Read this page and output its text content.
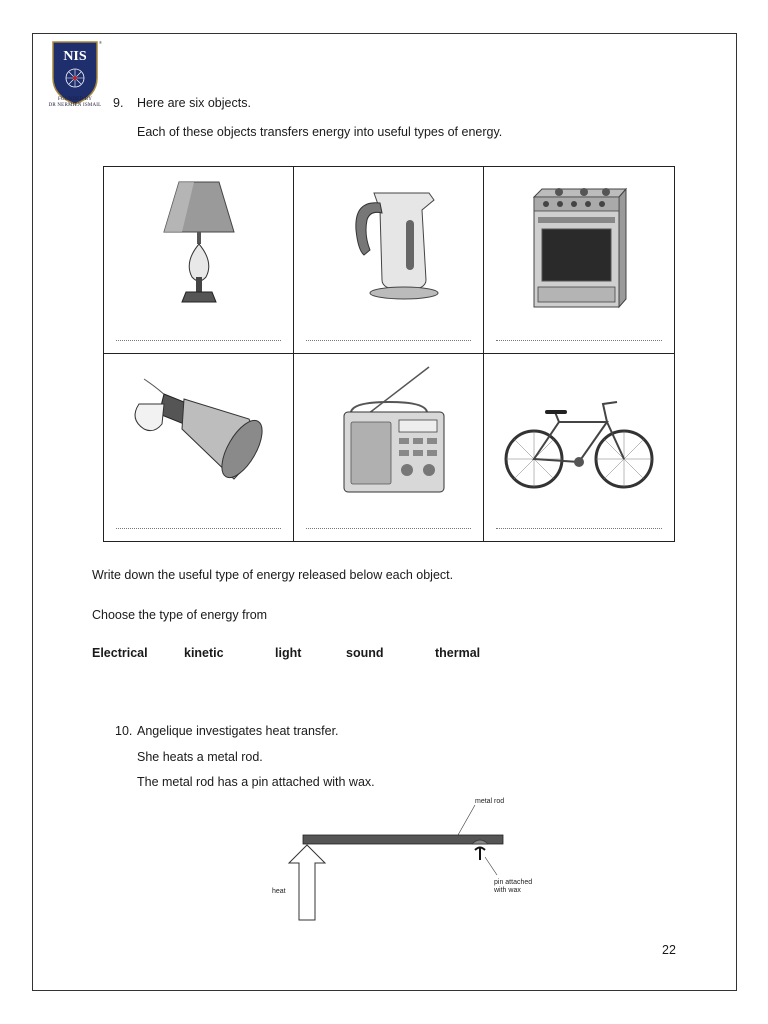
NIS
®
FOUNDED BY
DR NERMIEN ISMAIL 9. Here are six objects.
Each of these objects transfers energy into useful types of energy.
Write down the useful type of energy released below each object.
Choose the type of energy from
Electrical	kinetic	light	sound	thermal
10. Angelique investigates heat transfer.
She heats a metal rod.
The metal rod has a pin attached with wax.
metal rod
heat
pin attached
with wax
22
